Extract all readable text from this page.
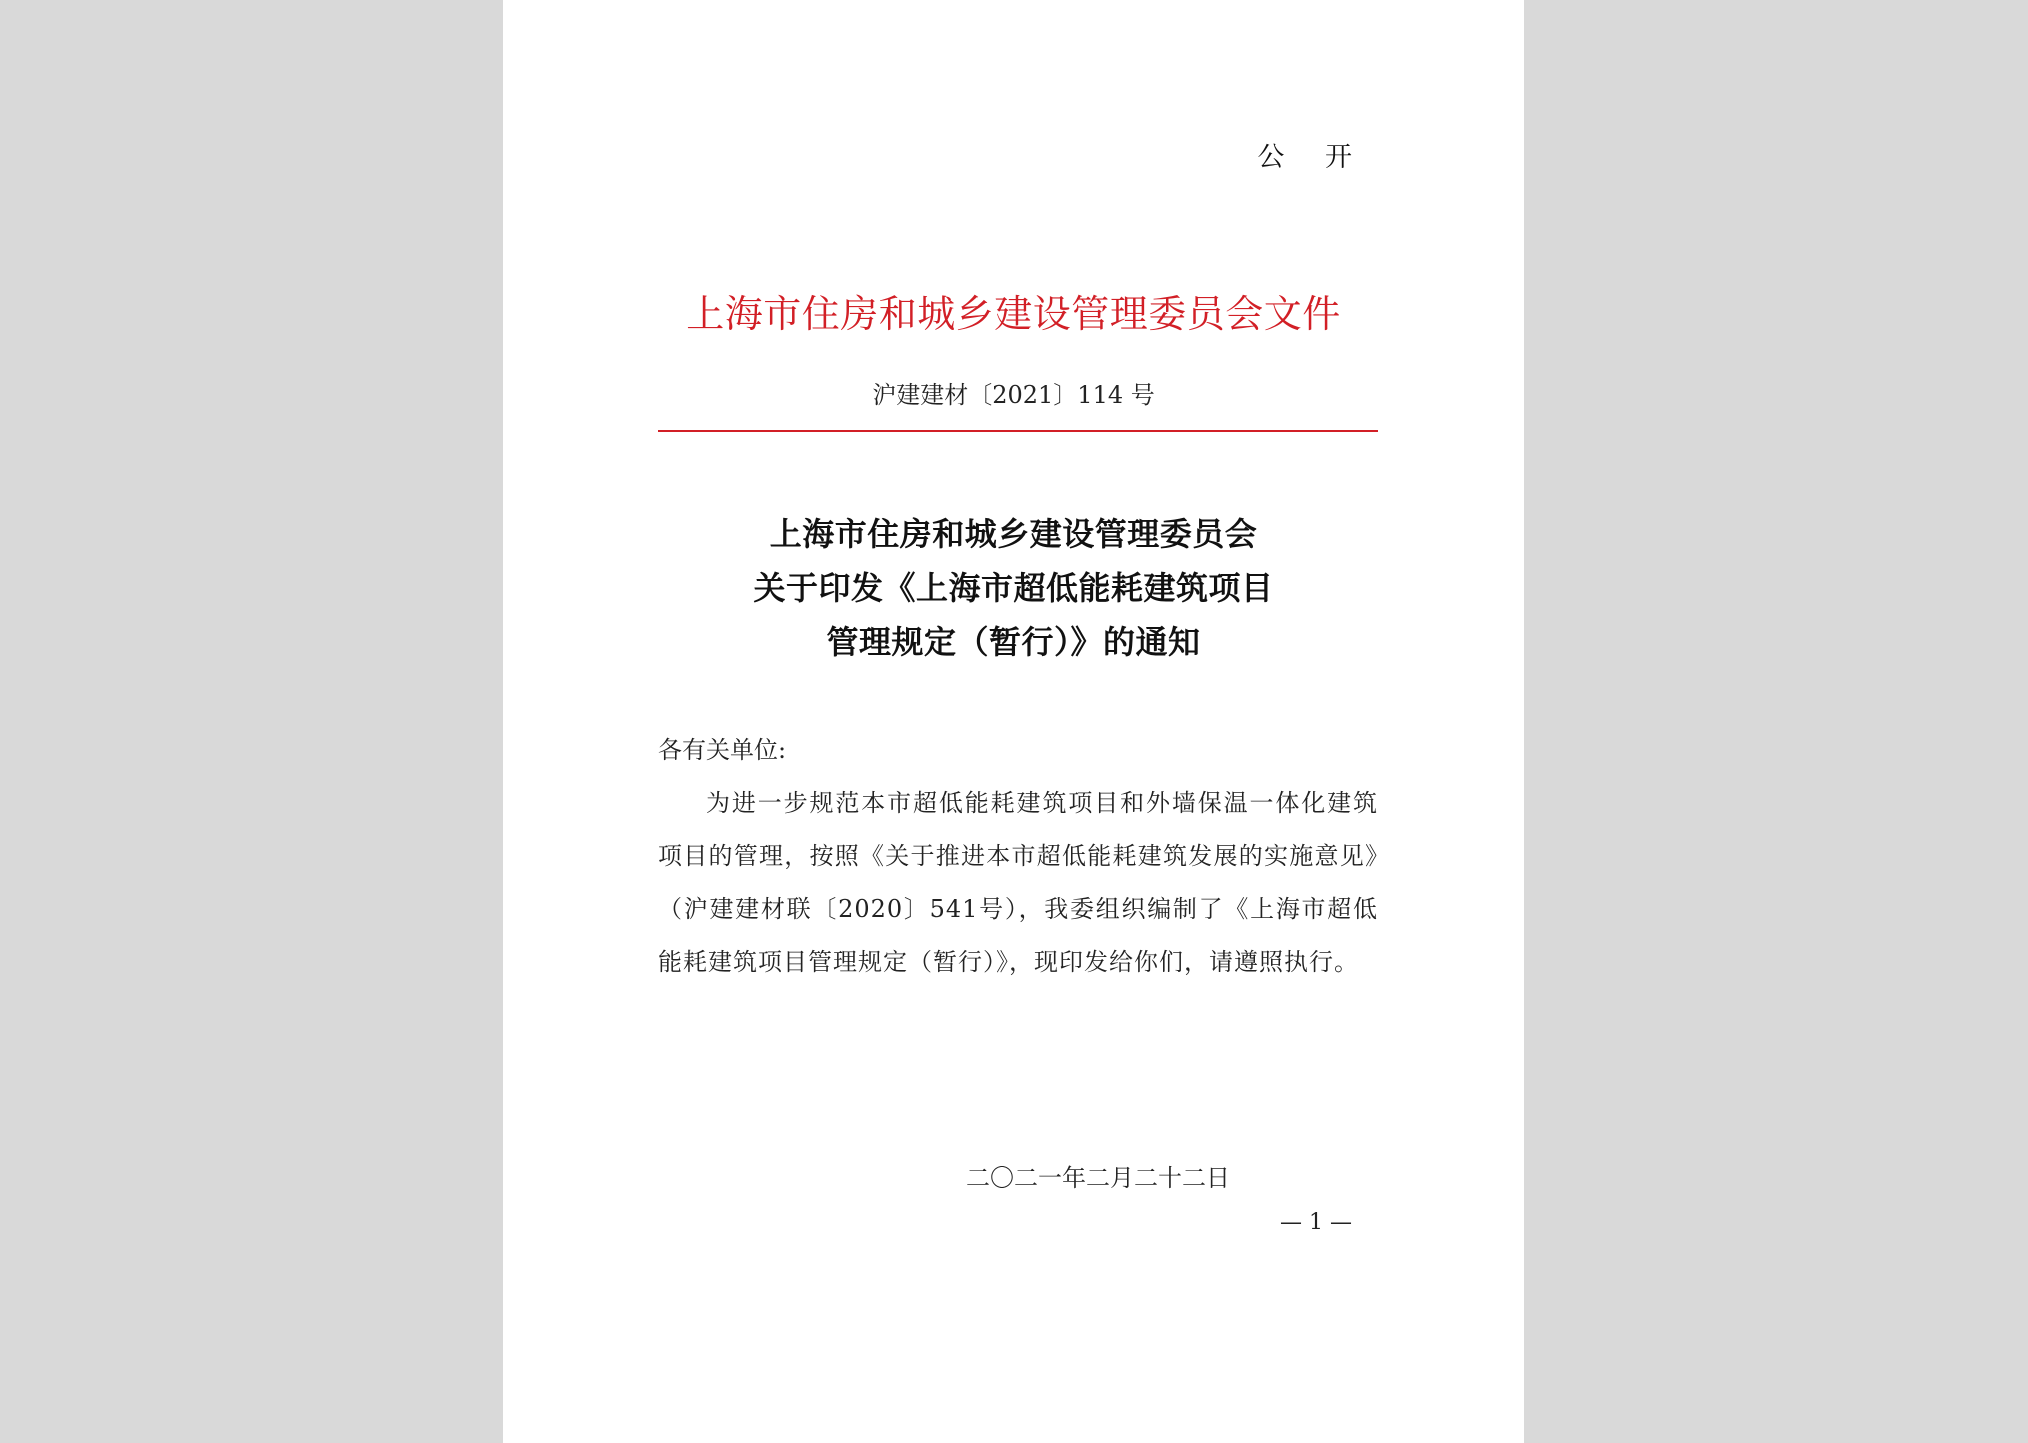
公 开
上海市住房和城乡建设管理委员会文件
沪建建材〔2021〕114 号
上海市住房和城乡建设管理委员会
关于印发《上海市超低能耗建筑项目
管理规定（暂行）》的通知
各有关单位:
为进一步规范本市超低能耗建筑项目和外墙保温一体化建筑项目的管理，按照《关于推进本市超低能耗建筑发展的实施意见》（沪建建材联〔2020〕541号），我委组织编制了《上海市超低能耗建筑项目管理规定（暂行）》，现印发给你们，请遵照执行。
二〇二一年二月二十二日
— 1 —
